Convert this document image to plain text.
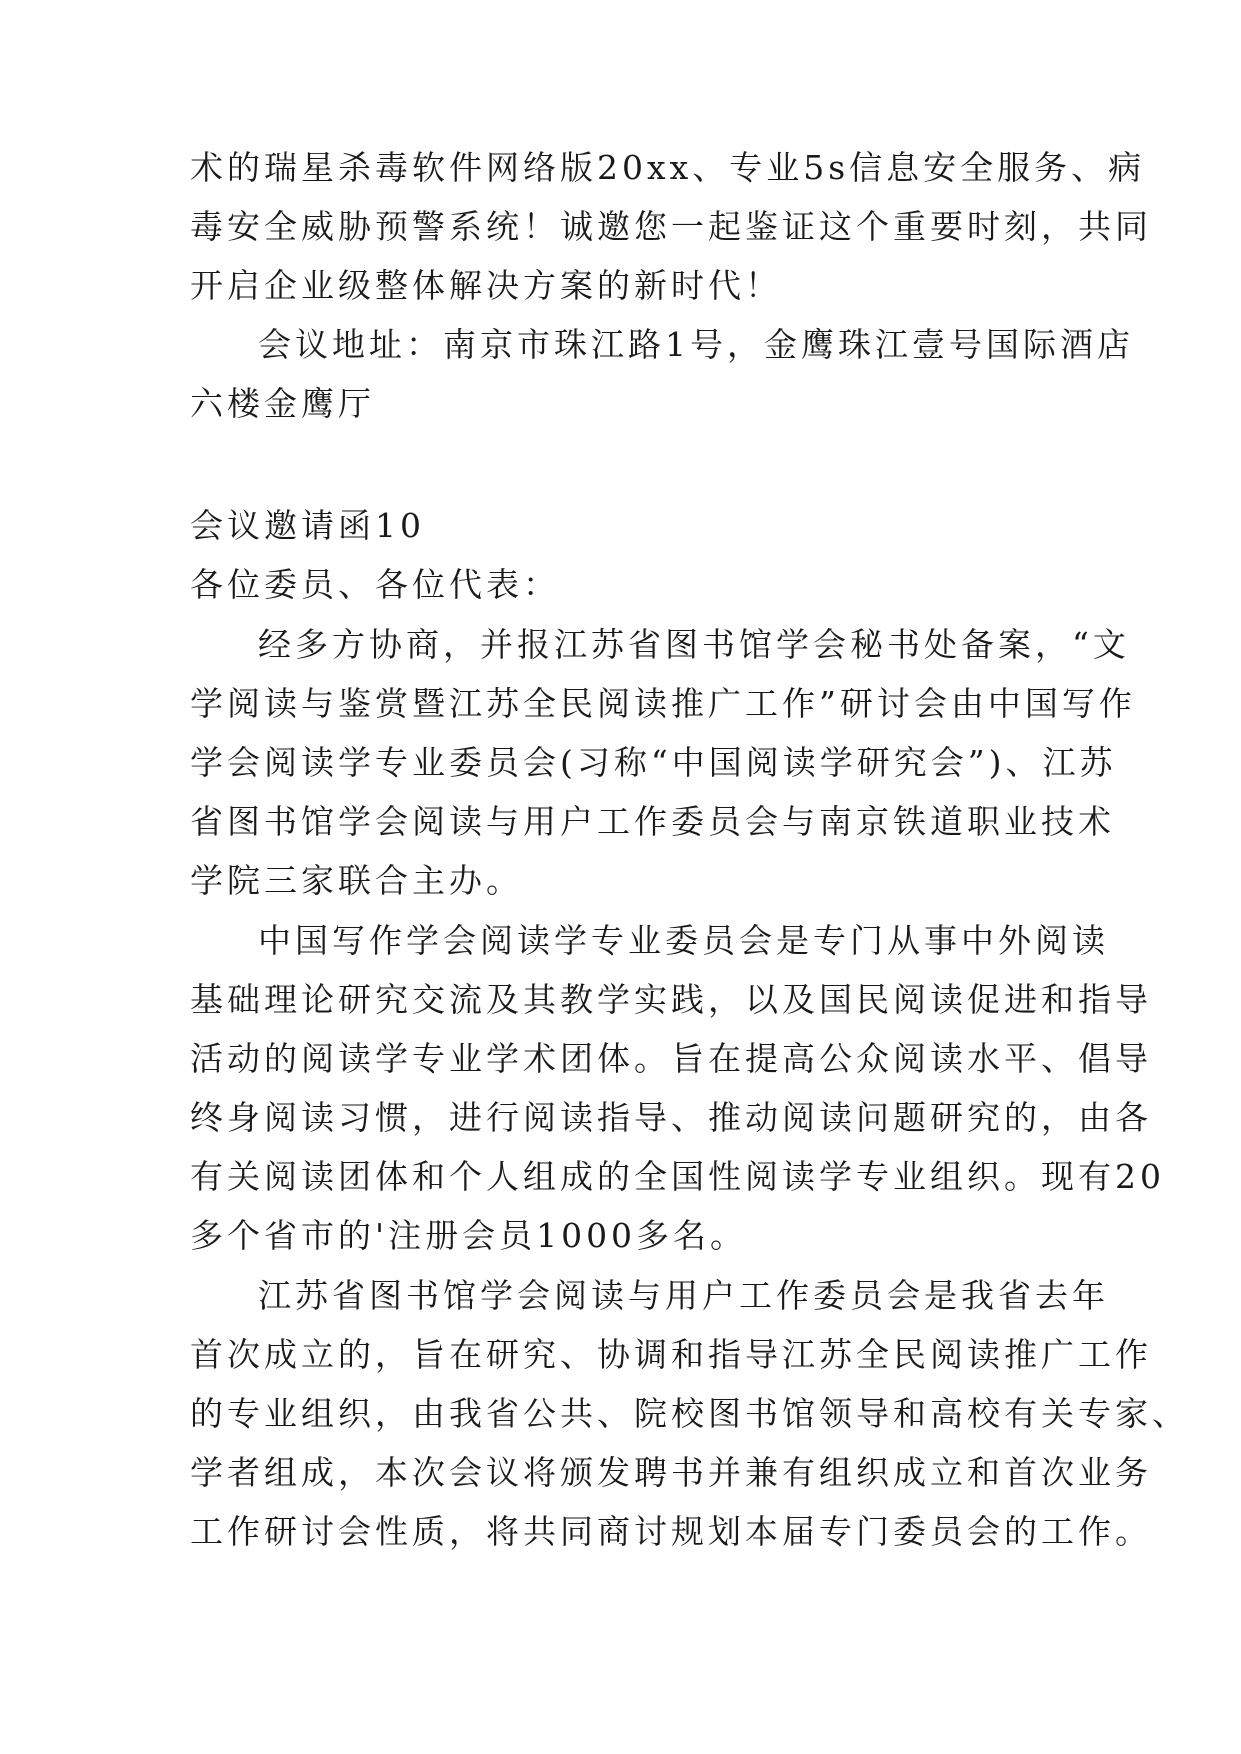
术的瑞星杀毒软件网络版20xx、专业5s信息安全服务、病
毒安全威胁预警系统！诚邀您一起鉴证这个重要时刻，共同
开启企业级整体解决方案的新时代！
会议地址：南京市珠江路1号，金鹰珠江壹号国际酒店
六楼金鹰厅
会议邀请函10
各位委员、各位代表：
经多方协商，并报江苏省图书馆学会秘书处备案，“文
学阅读与鉴赏暨江苏全民阅读推广工作”研讨会由中国写作
学会阅读学专业委员会(习称“中国阅读学研究会”)、江苏
省图书馆学会阅读与用户工作委员会与南京铁道职业技术
学院三家联合主办。
中国写作学会阅读学专业委员会是专门从事中外阅读
基础理论研究交流及其教学实践，以及国民阅读促进和指导
活动的阅读学专业学术团体。旨在提高公众阅读水平、倡导
终身阅读习惯，进行阅读指导、推动阅读问题研究的，由各
有关阅读团体和个人组成的全国性阅读学专业组织。现有20
多个省市的'注册会员1000多名。
江苏省图书馆学会阅读与用户工作委员会是我省去年
首次成立的，旨在研究、协调和指导江苏全民阅读推广工作
的专业组织，由我省公共、院校图书馆领导和高校有关专家、
学者组成，本次会议将颁发聘书并兼有组织成立和首次业务
工作研讨会性质，将共同商讨规划本届专门委员会的工作。
